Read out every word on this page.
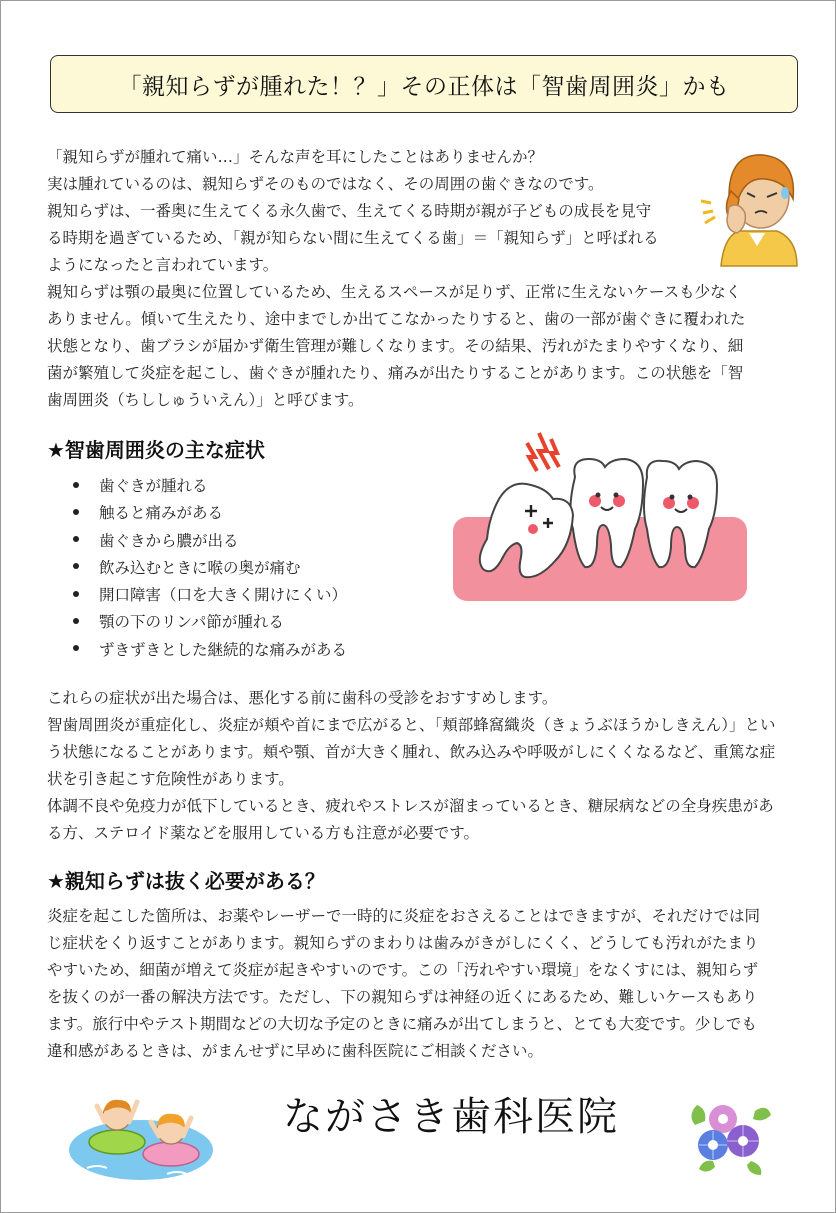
「親知らずが腫れた！？」その正体は「智歯周囲炎」かも
「親知らずが腫れて痛い…」そんな声を耳にしたことはありませんか？
実は腫れているのは、親知らずそのものではなく、その周囲の歯ぐきなのです。
親知らずは、一番奥に生えてくる永久歯で、生えてくる時期が親が子どもの成長を見守
る時期を過ぎているため、「親が知らない間に生えてくる歯」＝「親知らず」と呼ばれる
ようになったと言われています。
親知らずは顎の最奥に位置しているため、生えるスペースが足りず、正常に生えないケースも少なく
ありません。傾いて生えたり、途中までしか出てこなかったりすると、歯の一部が歯ぐきに覆われた
状態となり、歯ブラシが届かず衛生管理が難しくなります。その結果、汚れがたまりやすくなり、細
菌が繁殖して炎症を起こし、歯ぐきが腫れたり、痛みが出たりすることがあります。この状態を「智
歯周囲炎（ちししゅういえん）」と呼びます。
★智歯周囲炎の主な症状
歯ぐきが腫れる
触ると痛みがある
歯ぐきから膿が出る
飲み込むときに喉の奥が痛む
開口障害（口を大きく開けにくい）
顎の下のリンパ節が腫れる
ずきずきとした継続的な痛みがある
これらの症状が出た場合は、悪化する前に歯科の受診をおすすめします。
智歯周囲炎が重症化し、炎症が頬や首にまで広がると、「頬部蜂窩織炎（きょうぶほうかしきえん）」とい
う状態になることがあります。頬や顎、首が大きく腫れ、飲み込みや呼吸がしにくくなるなど、重篤な症
状を引き起こす危険性があります。
体調不良や免疫力が低下しているとき、疲れやストレスが溜まっているとき、糖尿病などの全身疾患があ
る方、ステロイド薬などを服用している方も注意が必要です。
★親知らずは抜く必要がある？
炎症を起こした箇所は、お薬やレーザーで一時的に炎症をおさえることはできますが、それだけでは同
じ症状をくり返すことがあります。親知らずのまわりは歯みがきがしにくく、どうしても汚れがたまり
やすいため、細菌が増えて炎症が起きやすいのです。この「汚れやすい環境」をなくすには、親知らず
を抜くのが一番の解決方法です。ただし、下の親知らずは神経の近くにあるため、難しいケースもあり
ます。旅行中やテスト期間などの大切な予定のときに痛みが出てしまうと、とても大変です。少しでも
違和感があるときは、がまんせずに早めに歯科医院にご相談ください。
ながさき歯科医院
